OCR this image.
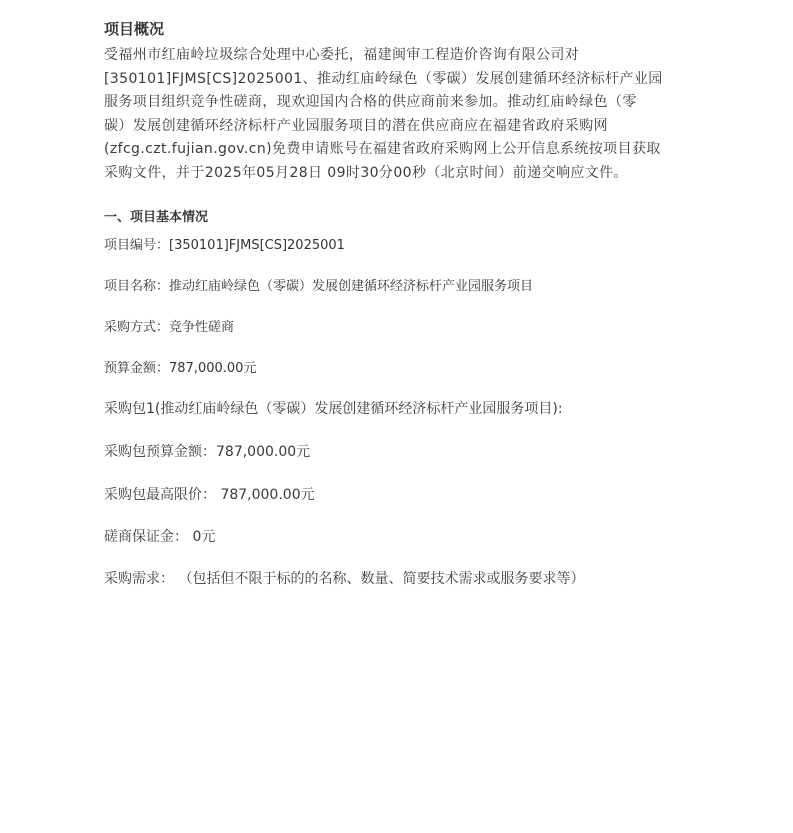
项目概况

受福州市红庙岭垃圾综合处理中心委托，福建闽审工程造价咨询有限公司对
[350101]FJMS[CS]2025001、推动红庙岭绿色（零碳）发展创建循环经济标杆产业园
服务项目组织竞争性磋商，现欢迎国内合格的供应商前来参加。推动红庙岭绿色（零
碳）发展创建循环经济标杆产业园服务项目的潜在供应商应在福建省政府采购网
(zfcg.czt.fujian.gov.cn)免费申请账号在福建省政府采购网上公开信息系统按项目获取
采购文件，并于2025年05月28日 09时30分00秒（北京时间）前递交响应文件。

一、项目基本情况

项目编号：[350101]FJMS[CS]2025001

项目名称：推动红庙岭绿色（零碳）发展创建循环经济标杆产业园服务项目

采购方式：竞争性磋商

预算金额：787,000.00元

采购包1(推动红庙岭绿色（零碳）发展创建循环经济标杆产业园服务项目):

采购包预算金额：787,000.00元

采购包最高限价： 787,000.00元

磋商保证金： 0元

采购需求： （包括但不限于标的的名称、数量、简要技术需求或服务要求等）
